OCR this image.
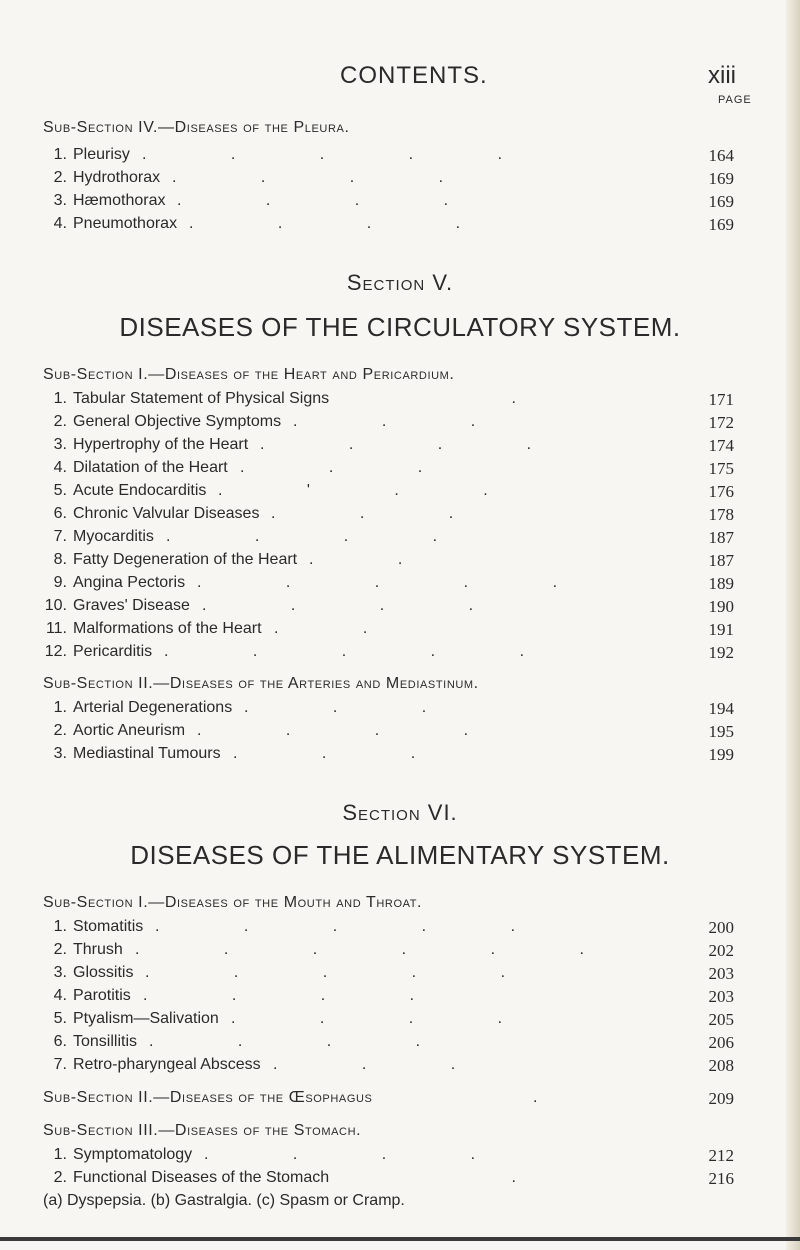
CONTENTS.	xiii
PAGE
Sub-Section IV.—Diseases of the Pleura.
1. Pleurisy . . . . .	164
2. Hydrothorax . . . .	169
3. Hæmothorax . . . .	169
4. Pneumothorax . . . .	169
Section V.
DISEASES OF THE CIRCULATORY SYSTEM.
Sub-Section I.—Diseases of the Heart and Pericardium.
1. Tabular Statement of Physical Signs	.	171
2. General Objective Symptoms . . .	172
3. Hypertrophy of the Heart . . . .	174
4. Dilatation of the Heart . . .	175
5. Acute Endocarditis . ' . .	176
6. Chronic Valvular Diseases . . .	178
7. Myocarditis . . . .	187
8. Fatty Degeneration of the Heart . .	187
9. Angina Pectoris . . . . .	189
10. Graves' Disease . . . .	190
11. Malformations of the Heart . .	191
12. Pericarditis . . . . .	192
Sub-Section II.—Diseases of the Arteries and Mediastinum.
1. Arterial Degenerations . . .	194
2. Aortic Aneurism . . . .	195
3. Mediastinal Tumours . . .	199
Section VI.
DISEASES OF THE ALIMENTARY SYSTEM.
Sub-Section I.—Diseases of the Mouth and Throat.
1. Stomatitis . . . . .	200
2. Thrush . . . . . .	202
3. Glossitis . . . . .	203
4. Parotitis . . . .	203
5. Ptyalism—Salivation . . . .	205
6. Tonsillitis . . . .	206
7. Retro-pharyngeal Abscess . . .	208
Sub-Section II.—Diseases of the Œsophagus	.	209
Sub-Section III.—Diseases of the Stomach.
1. Symptomatology . . . .	212
2. Functional Diseases of the Stomach	.	216
(a) Dyspepsia. (b) Gastralgia. (c) Spasm or Cramp.
